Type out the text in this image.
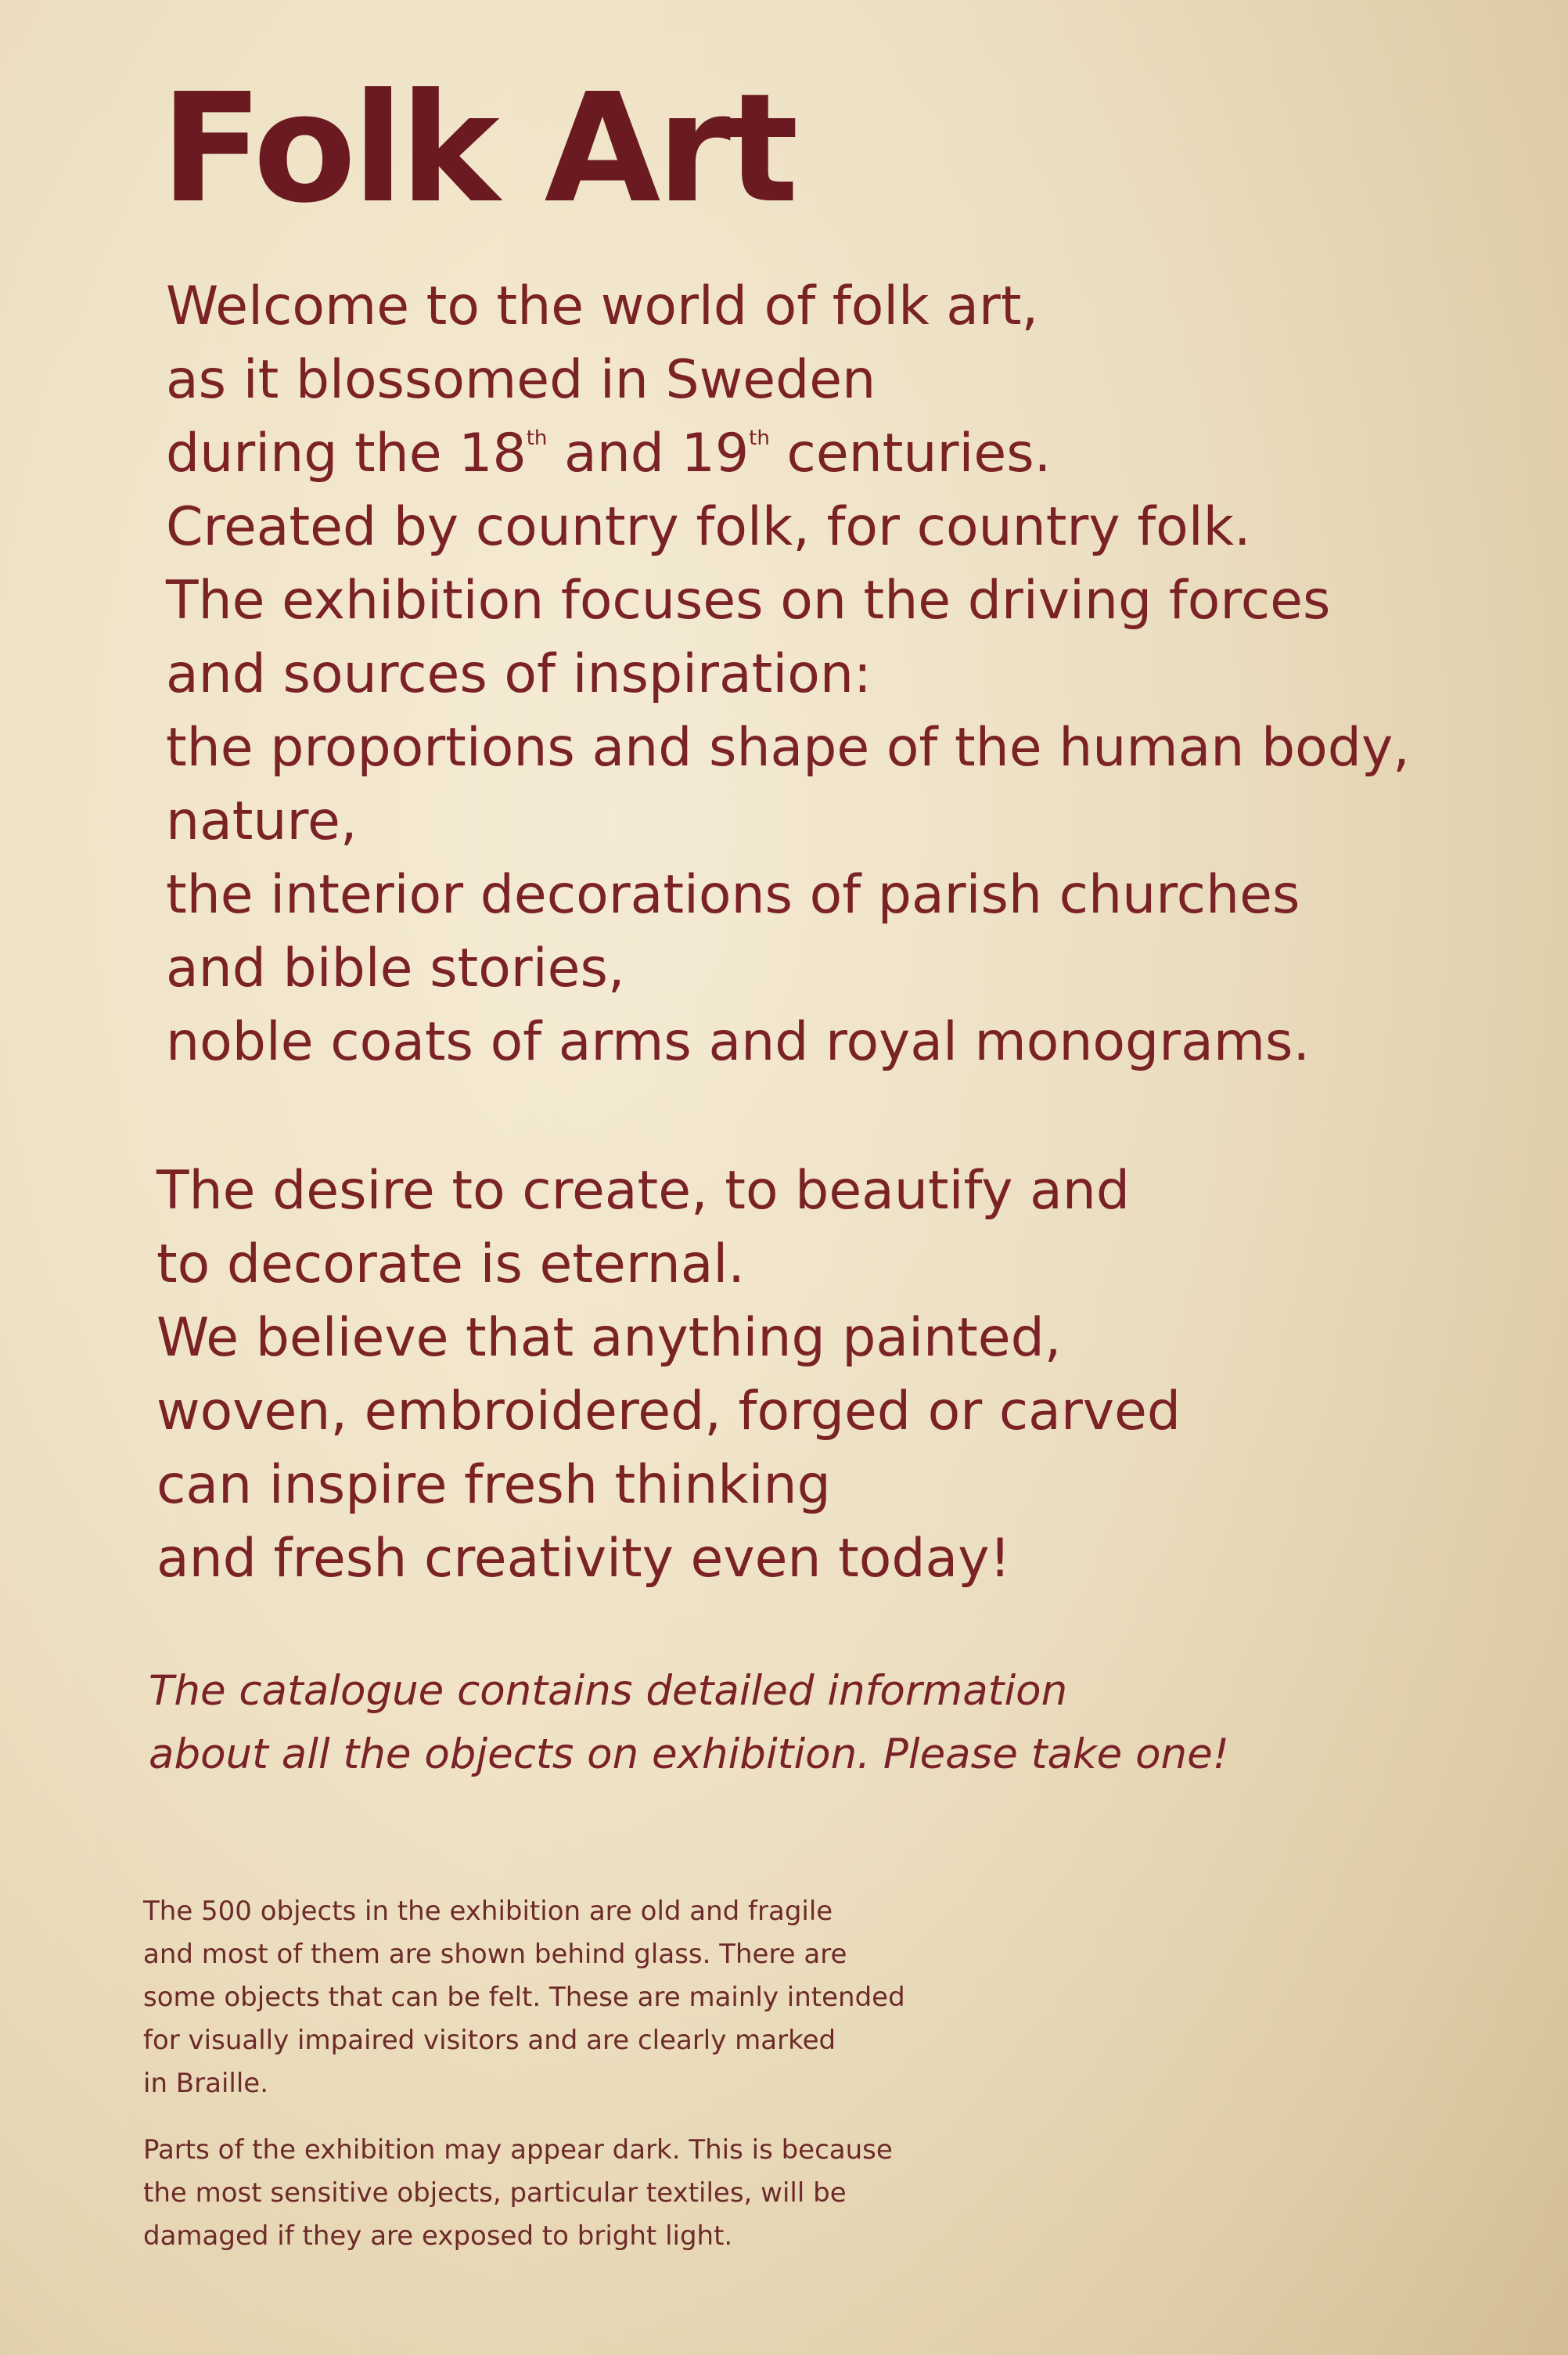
Folk Art
Welcome to the world of folk art,
as it blossomed in Sweden
during the 18th and 19th centuries.
Created by country folk, for country folk.
The exhibition focuses on the driving forces
and sources of inspiration:
the proportions and shape of the human body,
nature,
the interior decorations of parish churches
and bible stories,
noble coats of arms and royal monograms.
The desire to create, to beautify and
to decorate is eternal.
We believe that anything painted,
woven, embroidered, forged or carved
can inspire fresh thinking
and fresh creativity even today!
The catalogue contains detailed information
about all the objects on exhibition. Please take one!
The 500 objects in the exhibition are old and fragile
and most of them are shown behind glass. There are
some objects that can be felt. These are mainly intended
for visually impaired visitors and are clearly marked
in Braille.
Parts of the exhibition may appear dark. This is because
the most sensitive objects, particular textiles, will be
damaged if they are exposed to bright light.
